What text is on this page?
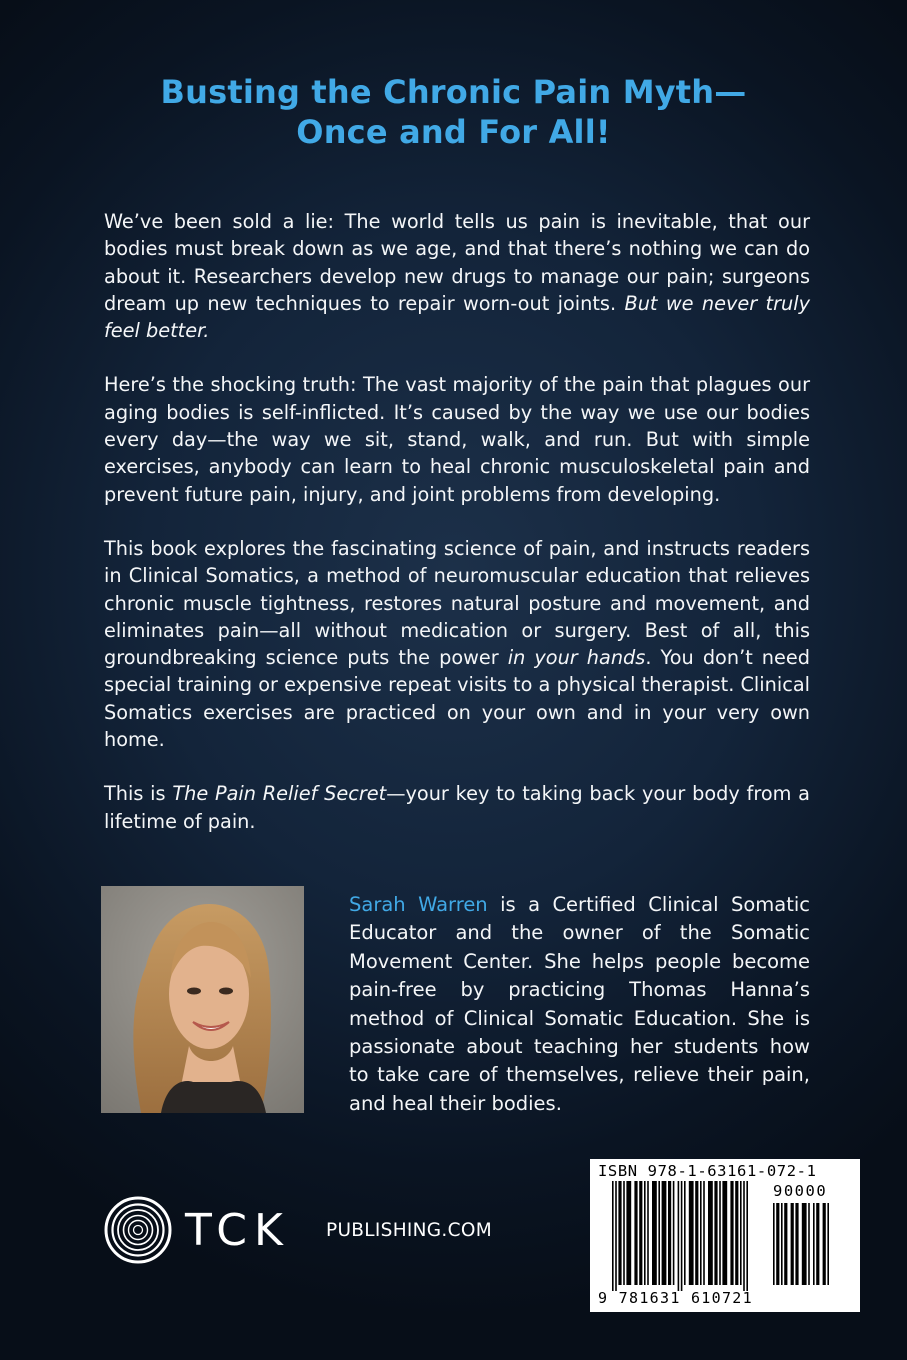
Busting the Chronic Pain Myth—
Once and For All!

We’ve been sold a lie: The world tells us pain is inevitable, that our bodies must break down as we age, and that there’s nothing we can do about it. Researchers develop new drugs to manage our pain; surgeons dream up new techniques to repair worn-out joints. But we never truly feel better.

Here’s the shocking truth: The vast majority of the pain that plagues our aging bodies is self-inflicted. It’s caused by the way we use our bodies every day—the way we sit, stand, walk, and run. But with simple exercises, anybody can learn to heal chronic musculoskeletal pain and prevent future pain, injury, and joint problems from developing.

This book explores the fascinating science of pain, and instructs readers in Clinical Somatics, a method of neuromuscular education that relieves chronic muscle tightness, restores natural posture and movement, and eliminates pain—all without medication or surgery. Best of all, this groundbreaking science puts the power in your hands. You don’t need special training or expensive repeat visits to a physical therapist. Clinical Somatics exercises are practiced on your own and in your very own home.

This is The Pain Relief Secret—your key to taking back your body from a lifetime of pain.

Sarah Warren is a Certified Clinical Somatic Educator and the owner of the Somatic Movement Center. She helps people become pain-free by practicing Thomas Hanna’s method of Clinical Somatic Education. She is passionate about teaching her students how to take care of themselves, relieve their pain, and heal their bodies.
TCK PUBLISHING.COM
ISBN 978-1-63161-072-1
90000
9 781631 610721
